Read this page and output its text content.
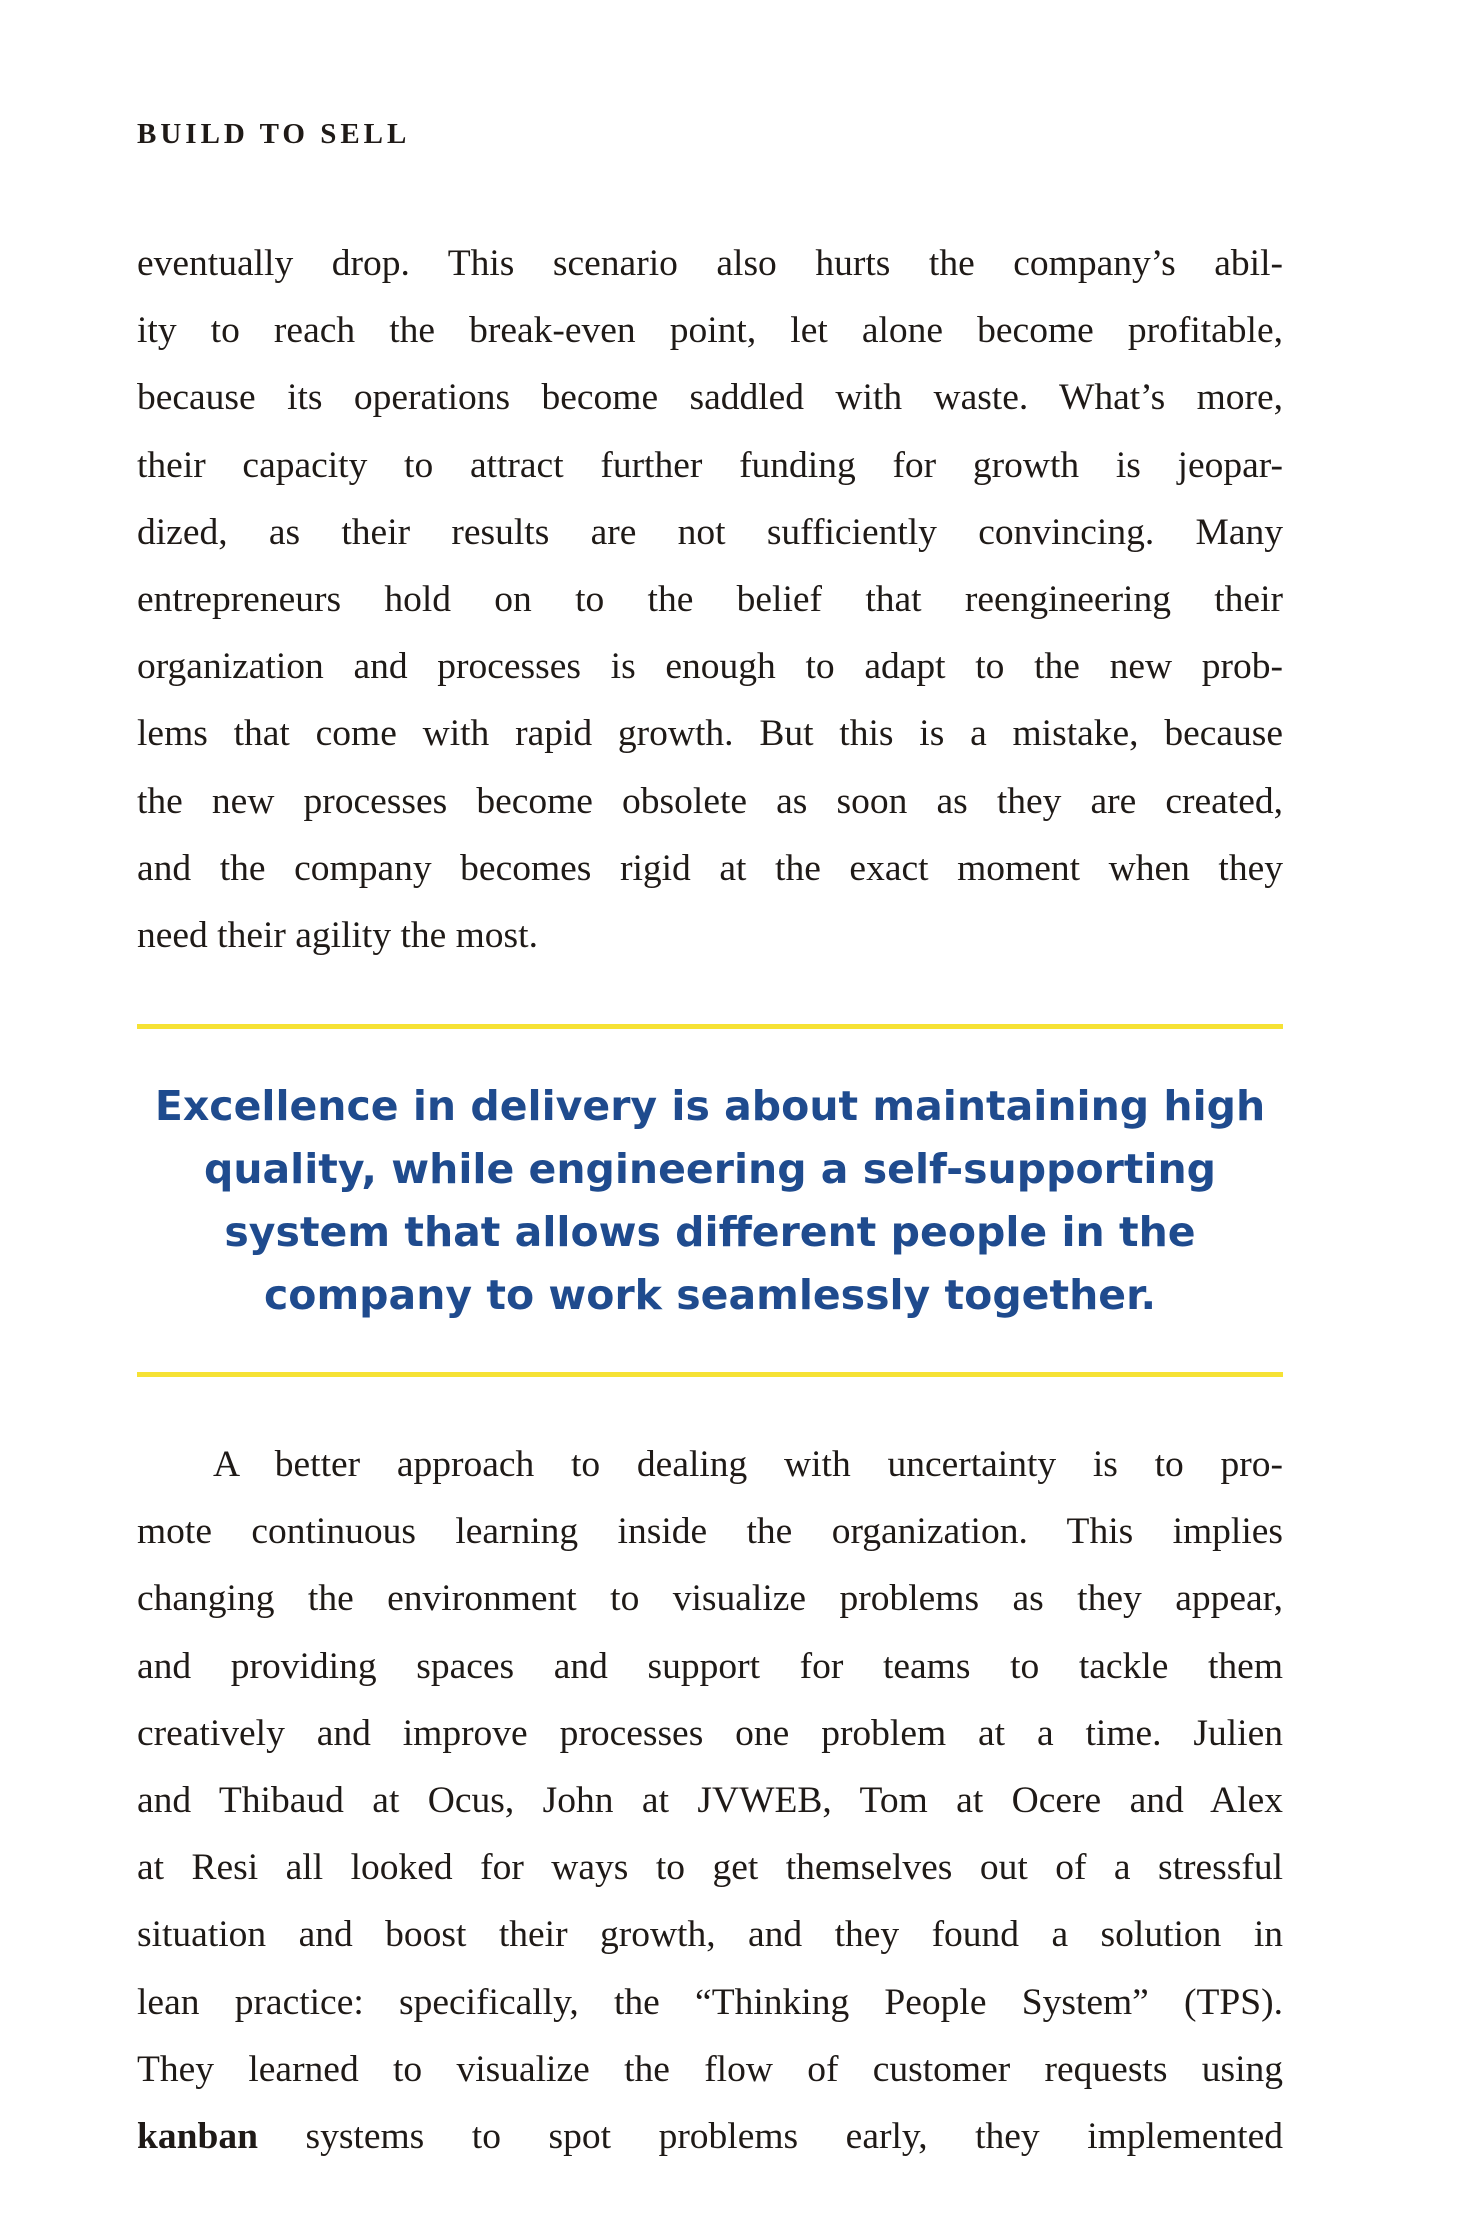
BUILD TO SELL
eventually drop. This scenario also hurts the company’s abil-
ity to reach the break-even point, let alone become profitable,
because its operations become saddled with waste. What’s more,
their capacity to attract further funding for growth is jeopar-
dized, as their results are not sufficiently convincing. Many
entrepreneurs hold on to the belief that reengineering their
organization and processes is enough to adapt to the new prob-
lems that come with rapid growth. But this is a mistake, because
the new processes become obsolete as soon as they are created,
and the company becomes rigid at the exact moment when they
need their agility the most.
Excellence in delivery is about maintaining high
quality, while engineering a self-supporting
system that allows different people in the
company to work seamlessly together.
A better approach to dealing with uncertainty is to pro-
mote continuous learning inside the organization. This implies
changing the environment to visualize problems as they appear,
and providing spaces and support for teams to tackle them
creatively and improve processes one problem at a time. Julien
and Thibaud at Ocus, John at JVWEB, Tom at Ocere and Alex
at Resi all looked for ways to get themselves out of a stressful
situation and boost their growth, and they found a solution in
lean practice: specifically, the “Thinking People System” (TPS).
They learned to visualize the flow of customer requests using
kanban systems to spot problems early, they implemented
